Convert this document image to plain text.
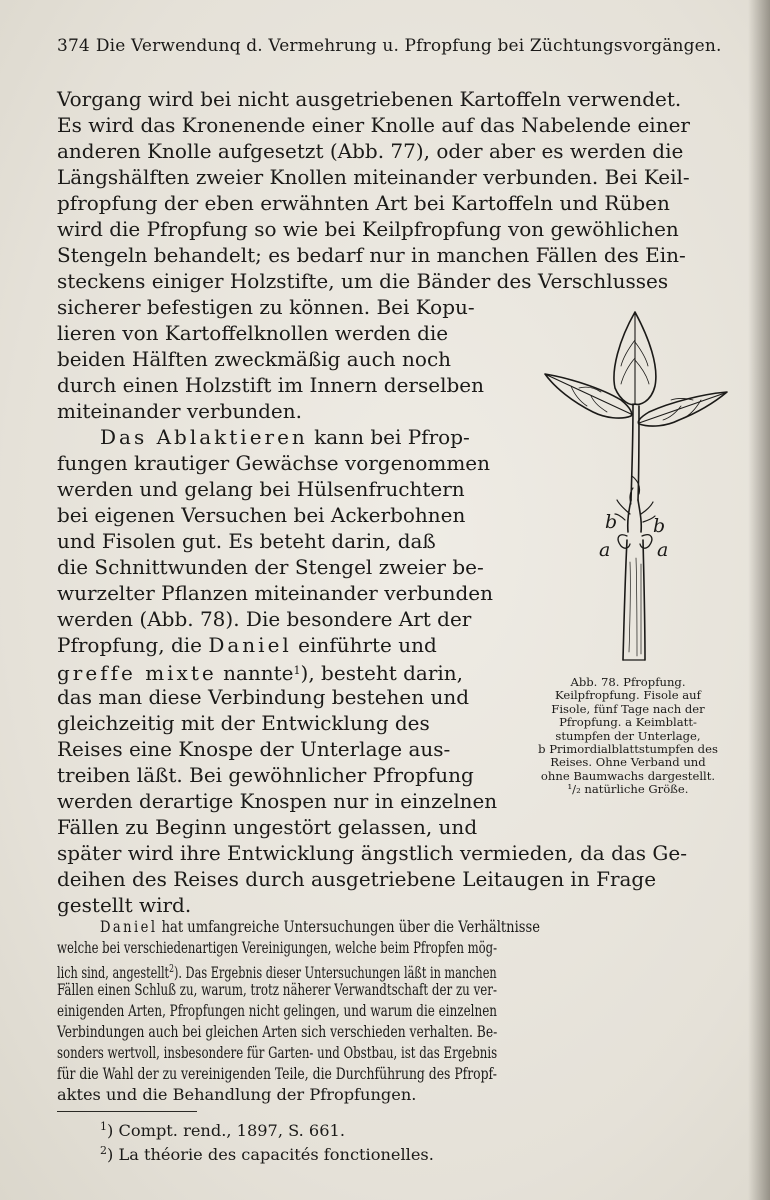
374 Die Verwendunq d. Vermehrung u. Pfropfung bei Züchtungsvorgängen.
Vorgang wird bei nicht ausgetriebenen Kartoffeln verwendet.
Es wird das Kronenende einer Knolle auf das Nabelende einer
anderen Knolle aufgesetzt (Abb. 77), oder aber es werden die
Längshälften zweier Knollen miteinander verbunden. Bei Keil-
pfropfung der eben erwähnten Art bei Kartoffeln und Rüben
wird die Pfropfung so wie bei Keilpfropfung von gewöhlichen
Stengeln behandelt; es bedarf nur in manchen Fällen des Ein-
steckens einiger Holzstifte, um die Bänder des Verschlusses
sicherer befestigen zu können. Bei Kopu-
lieren von Kartoffelknollen werden die
beiden Hälften zweckmäßig auch noch
durch einen Holzstift im Innern derselben
miteinander verbunden.
Das Ablaktieren kann bei Pfrop-
fungen krautiger Gewächse vorgenommen
werden und gelang bei Hülsenfruchtern
bei eigenen Versuchen bei Ackerbohnen
und Fisolen gut. Es beteht darin, daß
die Schnittwunden der Stengel zweier be-
wurzelter Pflanzen miteinander verbunden
werden (Abb. 78). Die besondere Art der
Pfropfung, die Daniel einführte und
greffe mixte nannte$^1$), besteht darin,
das man diese Verbindung bestehen und
gleichzeitig mit der Entwicklung des
Reises eine Knospe der Unterlage aus-
treiben läßt. Bei gewöhnlicher Pfropfung
werden derartige Knospen nur in einzelnen
Fällen zu Beginn ungestört gelassen, und
später wird ihre Entwicklung ängstlich vermieden, da das Ge-
deihen des Reises durch ausgetriebene Leitaugen in Frage
gestellt wird.
Daniel hat umfangreiche Untersuchungen über die Verhältnisse
welche bei verschiedenartigen Vereinigungen, welche beim Pfropfen mög-
lich sind, angestellt$^2$). Das Ergebnis dieser Untersuchungen läßt in manchen
Fällen einen Schluß zu, warum, trotz näherer Verwandtschaft der zu ver-
einigenden Arten, Pfropfungen nicht gelingen, und warum die einzelnen
Verbindungen auch bei gleichen Arten sich verschieden verhalten. Be-
sonders wertvoll, insbesondere für Garten- und Obstbau, ist das Ergebnis
für die Wahl der zu vereinigenden Teile, die Durchführung des Pfropf-
aktes und die Behandlung der Pfropfungen.
$^1$) Compt. rend., 1897, S. 661.
$^2$) La théorie des capacités fonctionelles.
b b
a a
Abb. 78. Pfropfung.
Keilpfropfung. Fisole auf
Fisole, fünf Tage nach der
Pfropfung. a Keimblatt-
stumpfen der Unterlage,
b Primordialblattstumpfen des
Reises. Ohne Verband und
ohne Baumwachs dargestellt.
¹/₂ natürliche Größe.
